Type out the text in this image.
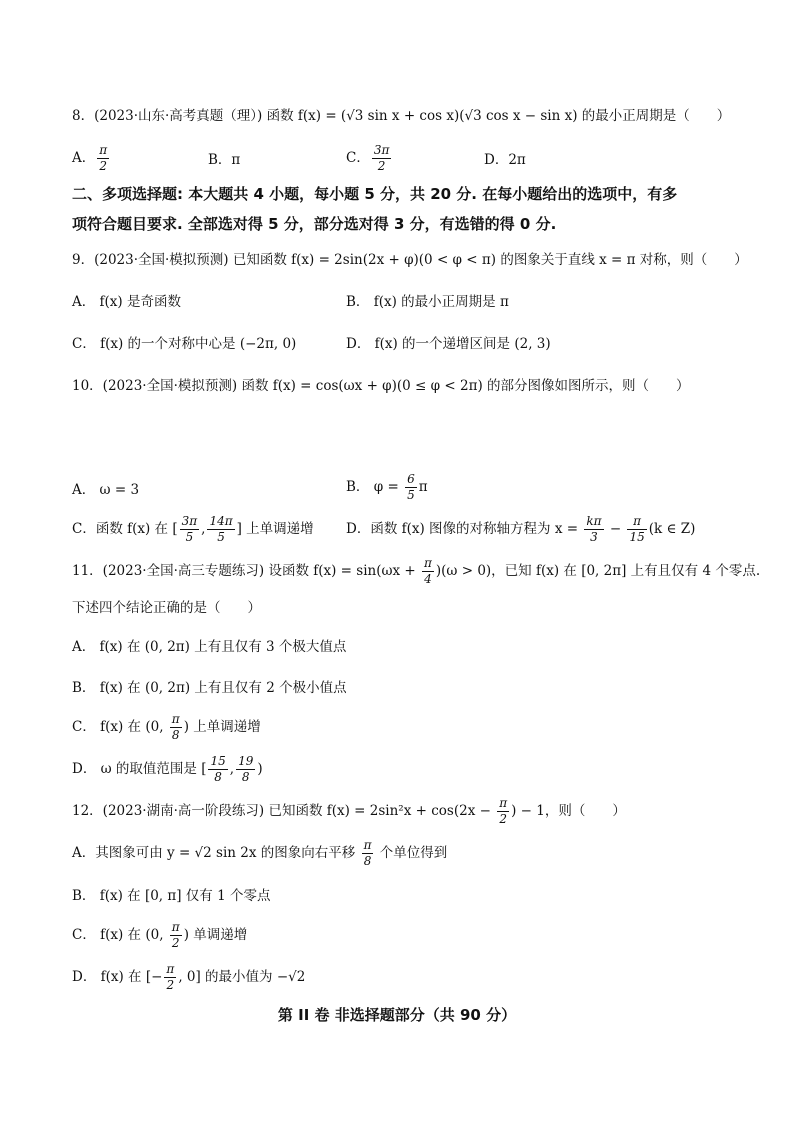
8．(2023·山东·高考真题（理）) 函数 f(x) = (√3 sin x + cos x)(√3 cos x − sin x) 的最小正周期是（　　）
A． $\frac{\pi}{2}$	B．π	C． $\frac{3\pi}{2}$	D．2π
二、多项选择题: 本大题共 4 小题，每小题 5 分，共 20 分. 在每小题给出的选项中，有多
项符合题目要求. 全部选对得 5 分，部分选对得 3 分，有选错的得 0 分.
9．(2023·全国·模拟预测) 已知函数 f(x) = 2sin(2x + φ)(0 < φ < π) 的图象关于直线 x = π 对称，则（　　）
A． f(x) 是奇函数	B． f(x) 的最小正周期是 π
C． f(x) 的一个对称中心是 (−2π, 0)	D． f(x) 的一个递增区间是 (2, 3)
10．(2023·全国·模拟预测) 函数 f(x) = cos(ωx + φ)(0 ≤ φ < 2π) 的部分图像如图所示，则（　　）
A． ω = 3	B． $\varphi = \frac{6}{5}$ π
C．函数 f(x) 在 [ $\frac{3\pi}{5}$ , $\frac{14\pi}{5}$ ] 上单调递增 D．函数 f(x) 图像的对称轴方程为 $x = \frac{k\pi}{3} - \frac{\pi}{15} (k$ ∈ Z)
11．(2023·全国·高三专题练习) 设函数 $f(x) = \sin(\omega x + \frac{\pi}{4} )(\omega > 0)$，已知 f(x) 在 [0, 2π] 上有且仅有 4 个零点.
下述四个结论正确的是（　　）
A． f(x) 在 (0, 2π) 上有且仅有 3 个极大值点
B． f(x) 在 (0, 2π) 上有且仅有 2 个极小值点
C． f(x) 在 (0, $\frac{\pi}{8}$ ) 上单调递增
D． ω 的取值范围是 [ $\frac{15}{8}$ , $\frac{19}{8}$ )
12．(2023·湖南·高一阶段练习) 已知函数 $f(x) = 2\sin^2x + \cos(2x - \frac{\pi}{2}$ ) − 1，则（　　）
A．其图象可由 y = √2 sin 2x 的图象向右平移 $\frac{\pi}{8}$ 个单位得到
B． f(x) 在 [0, π] 仅有 1 个零点
C． f(x) 在 (0, $\frac{\pi}{2}$ ) 单调递增
D． f(x) 在 [− $\frac{\pi}{2}$ , 0] 的最小值为 −√2
第 II 卷 非选择题部分（共 90 分）
